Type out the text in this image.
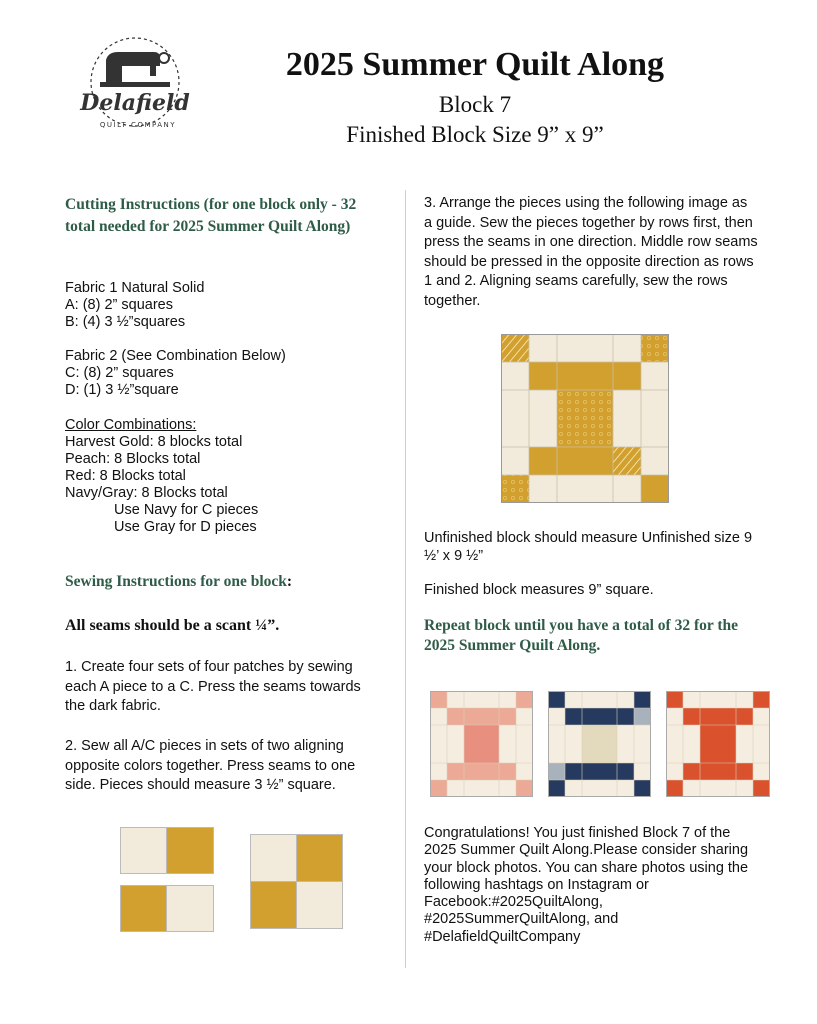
Delafield
QUILT COMPANY
2025 Summer Quilt Along
Block 7
Finished Block Size 9” x 9”
Cutting Instructions (for one block only - 32 total needed for 2025 Summer Quilt Along)

Fabric 1 Natural Solid

A: (8) 2” squares

B: (4) 3 ½”squares

Fabric 2 (See Combination Below)

C: (8) 2” squares

D: (1) 3 ½”square

Color Combinations:

Harvest Gold: 8 blocks total

Peach: 8 Blocks total

Red: 8 Blocks total

Navy/Gray: 8 Blocks total

Use Navy for C pieces

Use Gray for D pieces

Sewing Instructions for one block:
All seams should be a scant ¼”.
1. Create four sets of four patches by sewing each A piece to a C. Press the seams towards the dark fabric.
2. Sew all A/C pieces in sets of two aligning opposite colors together. Press seams to one side. Pieces should measure 3 ½” square.
3. Arrange the pieces using the following image as a guide. Sew the pieces together by rows first, then press the seams in one direction. Middle row seams should be pressed in the opposite direction as rows 1 and 2. Aligning seams carefully, sew the rows together.
Unfinished block should measure Unfinished size 9 ½’ x 9 ½”
Finished block measures 9” square.
Repeat block until you have a total of 32 for the 2025 Summer Quilt Along.
Congratulations! You just finished Block 7 of the 2025 Summer Quilt Along.Please consider sharing your block photos. You can share photos using the following hashtags on Instagram or Facebook:#2025QuiltAlong, #2025SummerQuiltAlong, and #DelafieldQuiltCompany
